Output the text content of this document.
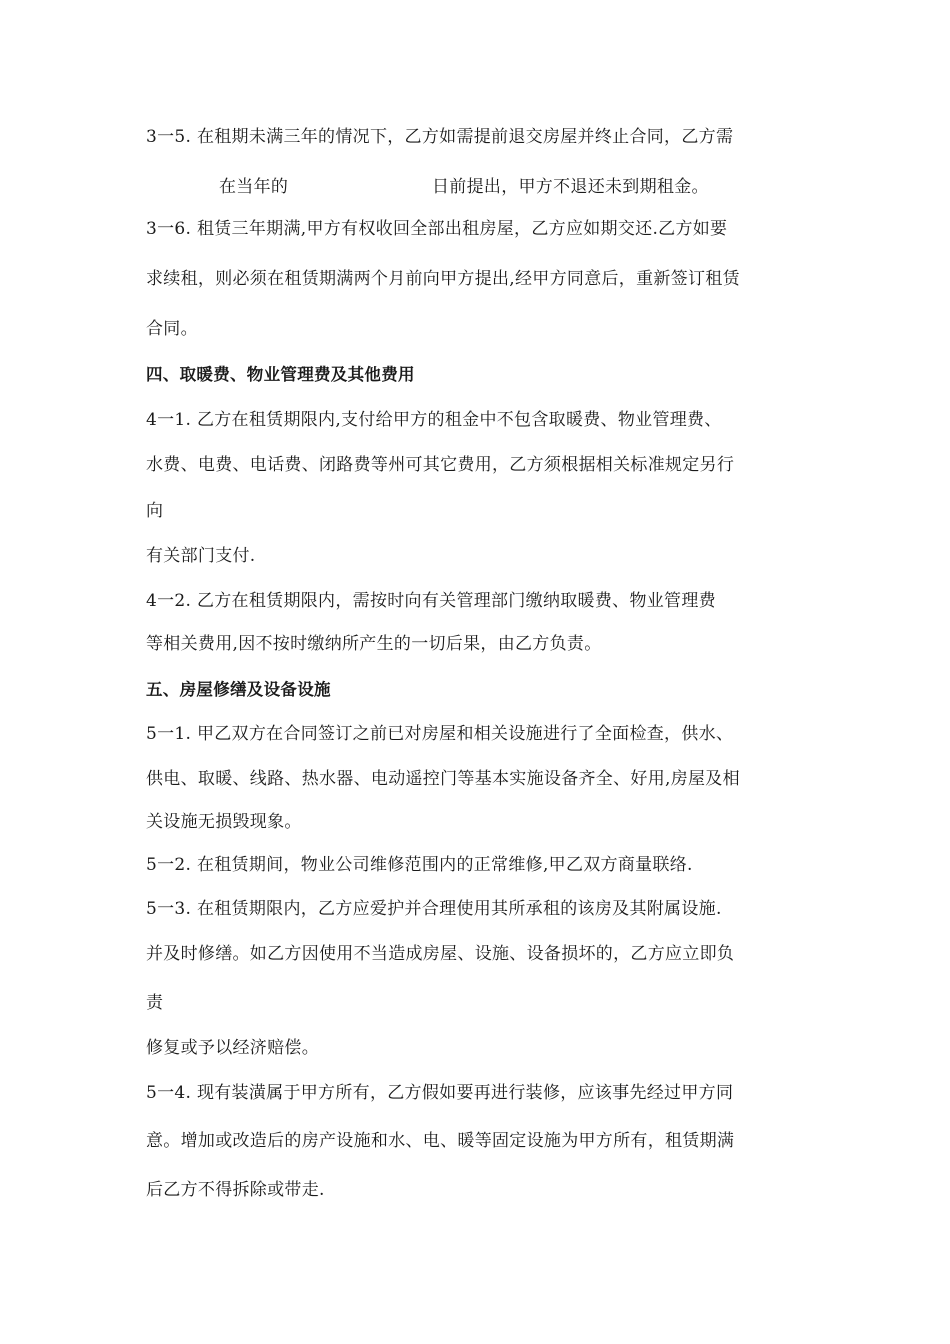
3一5. 在租期未满三年的情况下，乙方如需提前退交房屋并终止合同，乙方需
在当年的	日前提出，甲方不退还未到期租金。
3一6. 租赁三年期满,甲方有权收回全部出租房屋，乙方应如期交还.乙方如要
求续租，则必须在租赁期满两个月前向甲方提出,经甲方同意后，重新签订租赁
合同。
四、取暖费、物业管理费及其他费用
4一1. 乙方在租赁期限内,支付给甲方的租金中不包含取暖费、物业管理费、
水费、电费、电话费、闭路费等州可其它费用，乙方须根据相关标准规定另行
向
有关部门支付.
4一2. 乙方在租赁期限内，需按时向有关管理部门缴纳取暖费、物业管理费
等相关费用,因不按时缴纳所产生的一切后果，由乙方负责。
五、房屋修缮及设备设施
5一1. 甲乙双方在合同签订之前已对房屋和相关设施进行了全面检查，供水、
供电、取暖、线路、热水器、电动遥控门等基本实施设备齐全、好用,房屋及相
关设施无损毁现象。
5一2. 在租赁期间，物业公司维修范围内的正常维修,甲乙双方商量联络.
5一3. 在租赁期限内，乙方应爱护并合理使用其所承租的该房及其附属设施.
并及时修缮。如乙方因使用不当造成房屋、设施、设备损坏的，乙方应立即负
责
修复或予以经济赔偿。
5一4. 现有装潢属于甲方所有，乙方假如要再进行装修，应该事先经过甲方同
意。增加或改造后的房产设施和水、电、暖等固定设施为甲方所有，租赁期满
后乙方不得拆除或带走.
